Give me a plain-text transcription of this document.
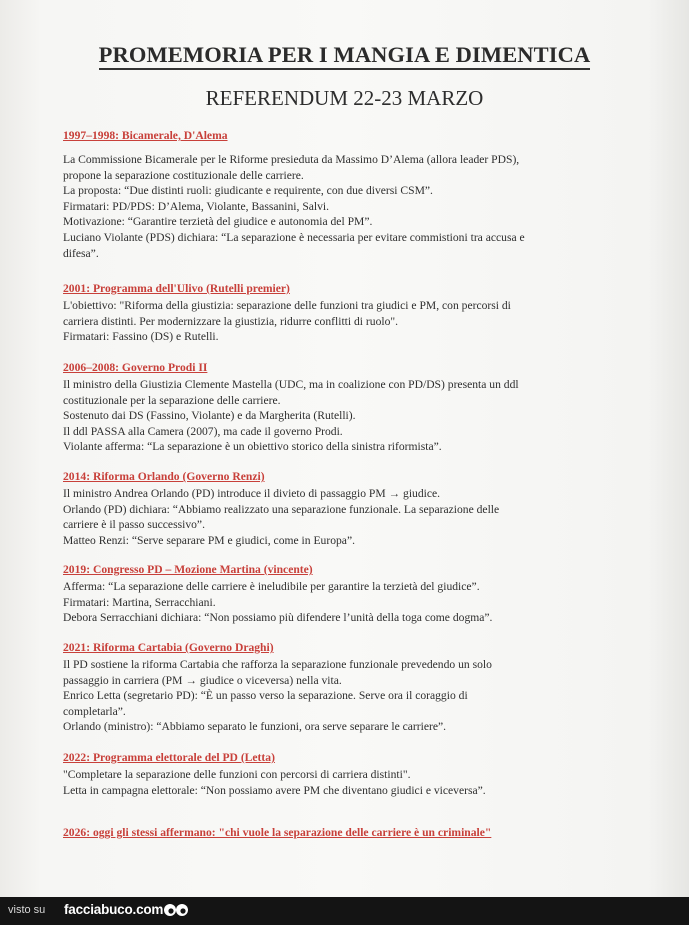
PROMEMORIA PER I MANGIA E DIMENTICA
REFERENDUM 22-23 MARZO
1997–1998: Bicamerale, D'Alema
La Commissione Bicamerale per le Riforme presieduta da Massimo D’Alema (allora leader PDS),
propone la separazione costituzionale delle carriere.
La proposta: “Due distinti ruoli: giudicante e requirente, con due diversi CSM”.
Firmatari: PD/PDS: D’Alema, Violante, Bassanini, Salvi.
Motivazione: “Garantire terzietà del giudice e autonomia del PM”.
Luciano Violante (PDS) dichiara: “La separazione è necessaria per evitare commistioni tra accusa e
difesa”.
2001: Programma dell'Ulivo (Rutelli premier)
L'obiettivo: "Riforma della giustizia: separazione delle funzioni tra giudici e PM, con percorsi di
carriera distinti. Per modernizzare la giustizia, ridurre conflitti di ruolo".
Firmatari: Fassino (DS) e Rutelli.
2006–2008: Governo Prodi II
Il ministro della Giustizia Clemente Mastella (UDC, ma in coalizione con PD/DS) presenta un ddl
costituzionale per la separazione delle carriere.
Sostenuto dai DS (Fassino, Violante) e da Margherita (Rutelli).
Il ddl PASSA alla Camera (2007), ma cade il governo Prodi.
Violante afferma: “La separazione è un obiettivo storico della sinistra riformista”.
2014: Riforma Orlando (Governo Renzi)
Il ministro Andrea Orlando (PD) introduce il divieto di passaggio PM → giudice.
Orlando (PD) dichiara: “Abbiamo realizzato una separazione funzionale. La separazione delle
carriere è il passo successivo”.
Matteo Renzi: “Serve separare PM e giudici, come in Europa”.
2019: Congresso PD – Mozione Martina (vincente)
Afferma: “La separazione delle carriere è ineludibile per garantire la terzietà del giudice”.
Firmatari: Martina, Serracchiani.
Debora Serracchiani dichiara: “Non possiamo più difendere l’unità della toga come dogma”.
2021: Riforma Cartabia (Governo Draghi)
Il PD sostiene la riforma Cartabia che rafforza la separazione funzionale prevedendo un solo
passaggio in carriera (PM → giudice o viceversa) nella vita.
Enrico Letta (segretario PD): “È un passo verso la separazione. Serve ora il coraggio di
completarla”.
Orlando (ministro): “Abbiamo separato le funzioni, ora serve separare le carriere”.
2022: Programma elettorale del PD (Letta)
"Completare la separazione delle funzioni con percorsi di carriera distinti".
Letta in campagna elettorale: “Non possiamo avere PM che diventano giudici e viceversa”.
2026: oggi gli stessi affermano: "chi vuole la separazione delle carriere è un criminale"
visto su facciabuco.com
